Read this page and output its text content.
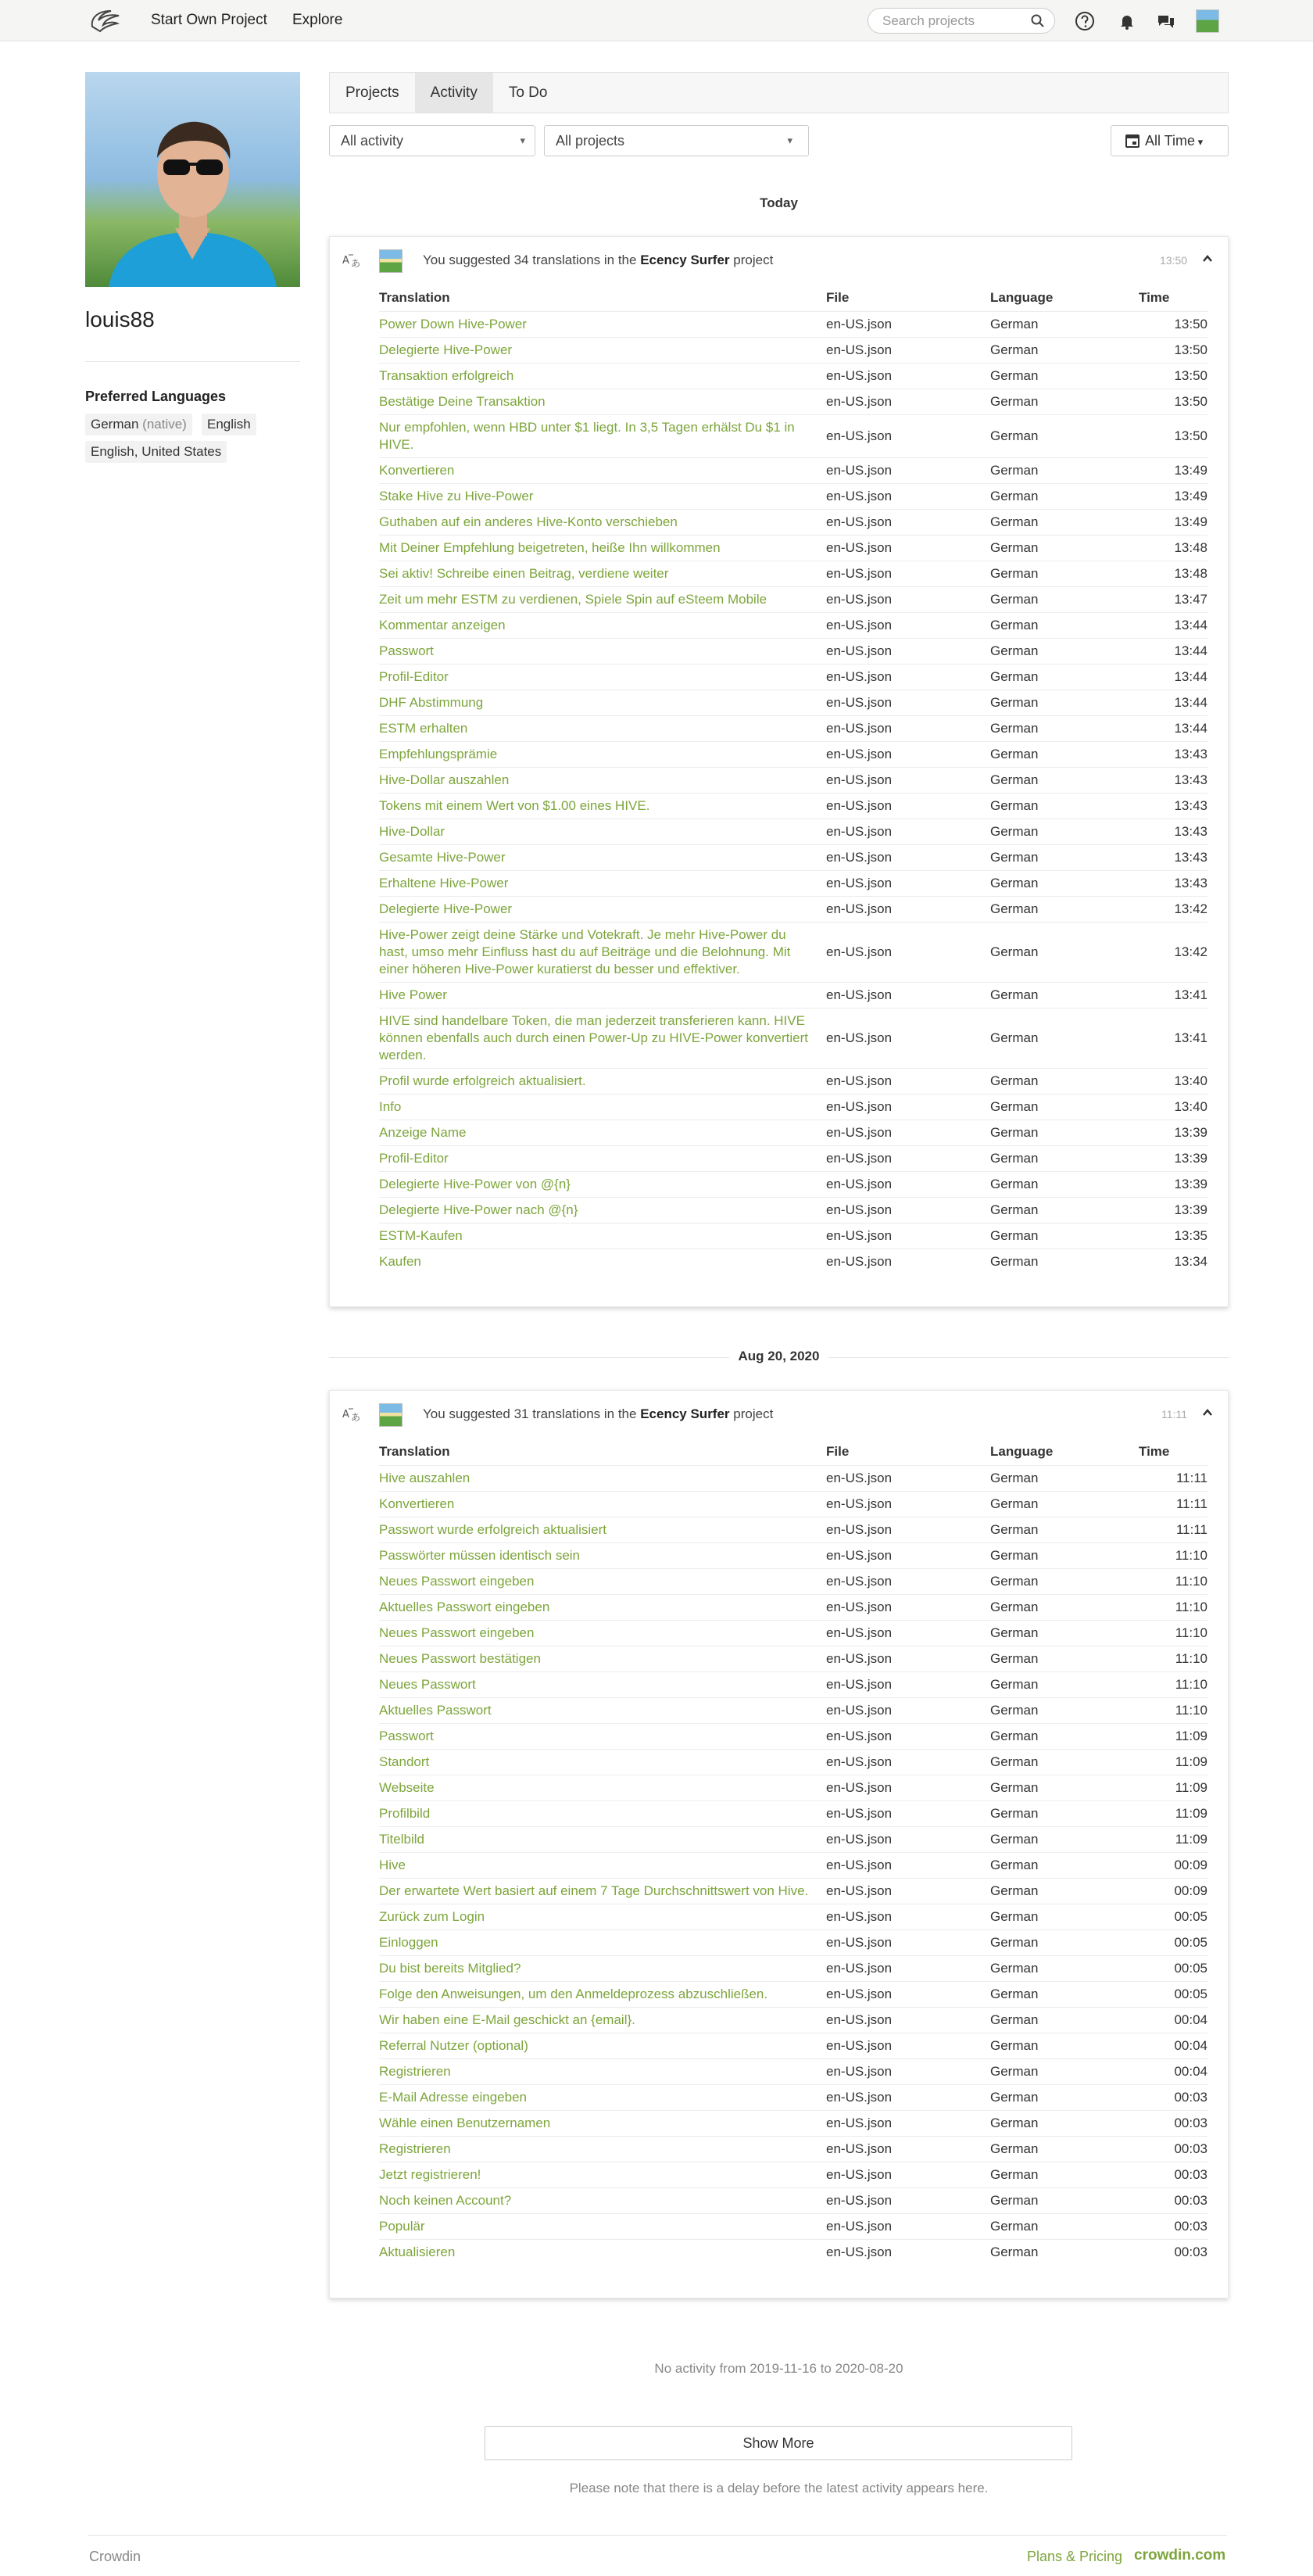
Start Own Project Explore
Search projects
louis88
Preferred Languages
German (native)	English
English, United States
Projects	Activity	To Do
All activity	▾	All projects	▾	All Time ▾
Today
A あ	You suggested 34 translations in the Ecency Surfer project	13:50
Translation	File	Language	Time
Power Down Hive-Power	en-US.json	German	13:50
Delegierte Hive-Power	en-US.json	German	13:50
Transaktion erfolgreich	en-US.json	German	13:50
Bestätige Deine Transaktion	en-US.json	German	13:50
Nur empfohlen, wenn HBD unter $1 liegt. In 3,5 Tagen erhälst Du $1 in HIVE.	en-US.json	German	13:50
Konvertieren	en-US.json	German	13:49
Stake Hive zu Hive-Power	en-US.json	German	13:49
Guthaben auf ein anderes Hive-Konto verschieben	en-US.json	German	13:49
Mit Deiner Empfehlung beigetreten, heiße Ihn willkommen	en-US.json	German	13:48
Sei aktiv! Schreibe einen Beitrag, verdiene weiter	en-US.json	German	13:48
Zeit um mehr ESTM zu verdienen, Spiele Spin auf eSteem Mobile	en-US.json	German	13:47
Kommentar anzeigen	en-US.json	German	13:44
Passwort	en-US.json	German	13:44
Profil-Editor	en-US.json	German	13:44
DHF Abstimmung	en-US.json	German	13:44
ESTM erhalten	en-US.json	German	13:44
Empfehlungsprämie	en-US.json	German	13:43
Hive-Dollar auszahlen	en-US.json	German	13:43
Tokens mit einem Wert von $1.00 eines HIVE.	en-US.json	German	13:43
Hive-Dollar	en-US.json	German	13:43
Gesamte Hive-Power	en-US.json	German	13:43
Erhaltene Hive-Power	en-US.json	German	13:43
Delegierte Hive-Power	en-US.json	German	13:42
Hive-Power zeigt deine Stärke und Votekraft. Je mehr Hive-Power du hast, umso mehr Einfluss hast du auf Beiträge und die Belohnung. Mit einer höheren Hive-Power kuratierst du besser und effektiver.	en-US.json	German	13:42
Hive Power	en-US.json	German	13:41
HIVE sind handelbare Token, die man jederzeit transferieren kann. HIVE können ebenfalls auch durch einen Power-Up zu HIVE-Power konvertiert werden.	en-US.json	German	13:41
Profil wurde erfolgreich aktualisiert.	en-US.json	German	13:40
Info	en-US.json	German	13:40
Anzeige Name	en-US.json	German	13:39
Profil-Editor	en-US.json	German	13:39
Delegierte Hive-Power von @{n}	en-US.json	German	13:39
Delegierte Hive-Power nach @{n}	en-US.json	German	13:39
ESTM-Kaufen	en-US.json	German	13:35
Kaufen	en-US.json	German	13:34
Aug 20, 2020
A あ	You suggested 31 translations in the Ecency Surfer project	11:11
Translation	File	Language	Time
Hive auszahlen	en-US.json	German	11:11
Konvertieren	en-US.json	German	11:11
Passwort wurde erfolgreich aktualisiert	en-US.json	German	11:11
Passwörter müssen identisch sein	en-US.json	German	11:10
Neues Passwort eingeben	en-US.json	German	11:10
Aktuelles Passwort eingeben	en-US.json	German	11:10
Neues Passwort eingeben	en-US.json	German	11:10
Neues Passwort bestätigen	en-US.json	German	11:10
Neues Passwort	en-US.json	German	11:10
Aktuelles Passwort	en-US.json	German	11:10
Passwort	en-US.json	German	11:09
Standort	en-US.json	German	11:09
Webseite	en-US.json	German	11:09
Profilbild	en-US.json	German	11:09
Titelbild	en-US.json	German	11:09
Hive	en-US.json	German	00:09
Der erwartete Wert basiert auf einem 7 Tage Durchschnittswert von Hive.	en-US.json	German	00:09
Zurück zum Login	en-US.json	German	00:05
Einloggen	en-US.json	German	00:05
Du bist bereits Mitglied?	en-US.json	German	00:05
Folge den Anweisungen, um den Anmeldeprozess abzuschließen.	en-US.json	German	00:05
Wir haben eine E-Mail geschickt an {email}.	en-US.json	German	00:04
Referral Nutzer (optional)	en-US.json	German	00:04
Registrieren	en-US.json	German	00:04
E-Mail Adresse eingeben	en-US.json	German	00:03
Wähle einen Benutzernamen	en-US.json	German	00:03
Registrieren	en-US.json	German	00:03
Jetzt registrieren!	en-US.json	German	00:03
Noch keinen Account?	en-US.json	German	00:03
Populär	en-US.json	German	00:03
Aktualisieren	en-US.json	German	00:03
No activity from 2019-11-16 to 2020-08-20
Show More
Please note that there is a delay before the latest activity appears here.
Crowdin	Plans & Pricing crowdin.com
